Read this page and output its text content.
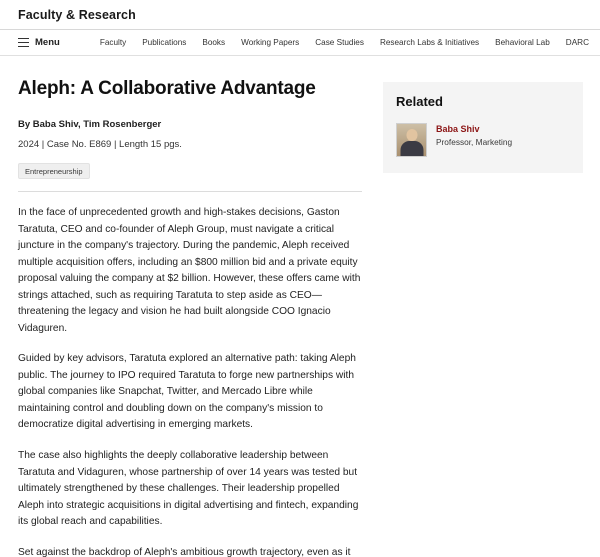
Faculty & Research
Menu	Faculty Publications Books Working Papers Case Studies Research Labs & Initiatives Behavioral Lab DARC
Aleph: A Collaborative Advantage
By Baba Shiv, Tim Rosenberger
2024 | Case No. E869 | Length 15 pgs.
Entrepreneurship

In the face of unprecedented growth and high-stakes decisions, Gaston Taratuta, CEO and co-founder of Aleph Group, must navigate a critical juncture in the company's trajectory. During the pandemic, Aleph received multiple acquisition offers, including an $800 million bid and a private equity proposal valuing the company at $2 billion. However, these offers came with strings attached, such as requiring Taratuta to step aside as CEO—threatening the legacy and vision he had built alongside COO Ignacio Vidaguren.

Guided by key advisors, Taratuta explored an alternative path: taking Aleph public. The journey to IPO required Taratuta to forge new partnerships with global companies like Snapchat, Twitter, and Mercado Libre while maintaining control and doubling down on the company's mission to democratize digital advertising in emerging markets.

The case also highlights the deeply collaborative leadership between Taratuta and Vidaguren, whose partnership of over 14 years was tested but ultimately strengthened by these challenges. Their leadership propelled Aleph into strategic acquisitions in digital advertising and fintech, expanding its global reach and capabilities.

Set against the backdrop of Aleph's ambitious growth trajectory, even as it

Related
Baba Shiv
Professor, Marketing
